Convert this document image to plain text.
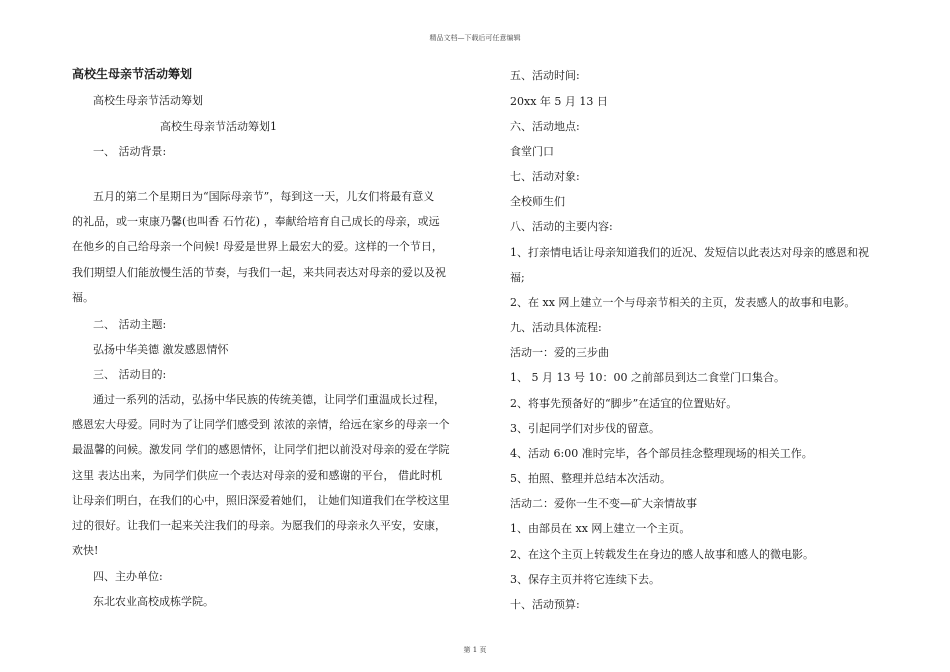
精品文档—下载后可任意编辑
高校生母亲节活动筹划
高校生母亲节活动筹划
高校生母亲节活动筹划1
一、 活动背景:
五月的第二个星期日为“国际母亲节”，每到这一天，儿女们将最有意义
的礼品，或一束康乃馨(也叫香 石竹花) ，奉献给培育自己成长的母亲，或远
在他乡的自己给母亲一个问候! 母爱是世界上最宏大的爱。这样的一个节日，
我们期望人们能放慢生活的节奏，与我们一起，来共同表达对母亲的爱以及祝
福。
二、 活动主题:
弘扬中华美德 激发感恩情怀
三、 活动目的:
通过一系列的活动，弘扬中华民族的传统美德，让同学们重温成长过程，
感恩宏大母爱。同时为了让同学们感受到 浓浓的亲情，给远在家乡的母亲一个
最温馨的问候。激发同 学们的感恩情怀，让同学们把以前没对母亲的爱在学院
这里 表达出来，为同学们供应一个表达对母亲的爱和感谢的平台， 借此时机
让母亲们明白，在我们的心中，照旧深爱着她们， 让她们知道我们在学校这里
过的很好。让我们一起来关注我们的母亲。为愿我们的母亲永久平安，安康，
欢快!
四、主办单位:
东北农业高校成栋学院。
五、活动时间:
20xx 年 5 月 13 日
六、活动地点:
食堂门口
七、活动对象:
全校师生们
八、活动的主要内容:
1、打亲情电话让母亲知道我们的近况、发短信以此表达对母亲的感恩和祝
福;
2、在 xx 网上建立一个与母亲节相关的主页，发表感人的故事和电影。
九、活动具体流程:
活动一：爱的三步曲
1、 5 月 13 号 10：00 之前部员到达二食堂门口集合。
2、将事先预备好的“脚步”在适宜的位置贴好。
3、引起同学们对步伐的留意。
4、活动 6:00 准时完毕，各个部员挂念整理现场的相关工作。
5、拍照、整理并总结本次活动。
活动二：爱你一生不变—矿大亲情故事
1、由部员在 xx 网上建立一个主页。
2、在这个主页上转载发生在身边的感人故事和感人的微电影。
3、保存主页并将它连续下去。
十、活动预算:
第 1 页
